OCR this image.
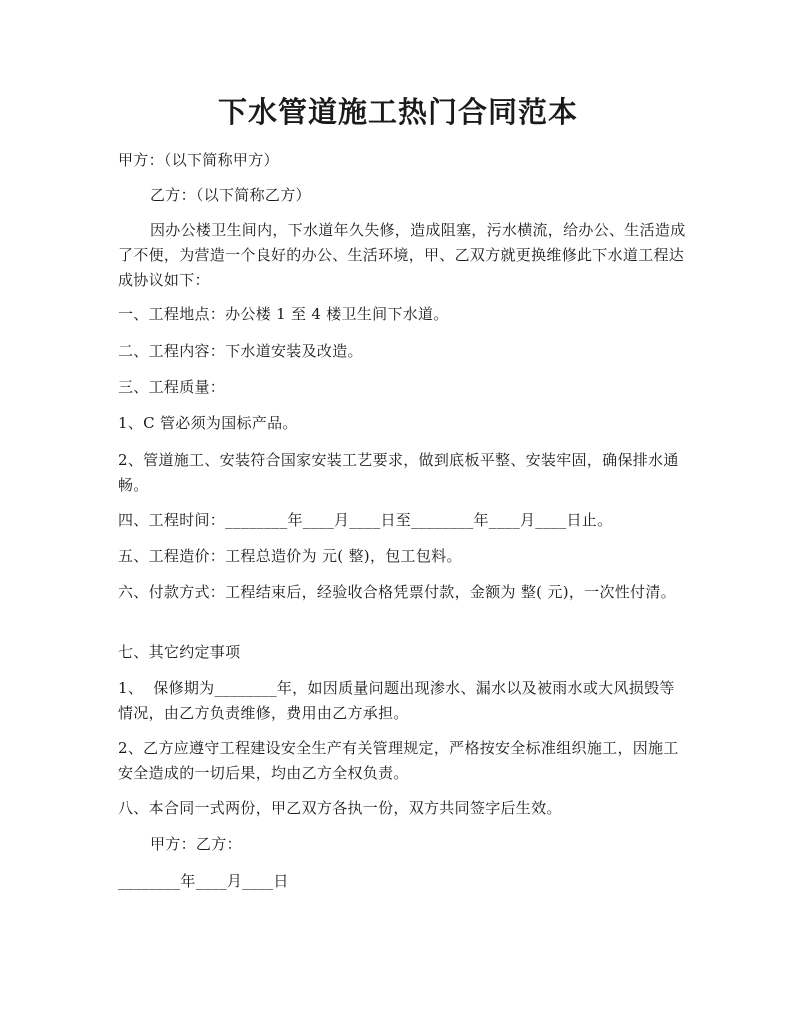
下水管道施工热门合同范本
甲方：（以下简称甲方）
乙方：（以下简称乙方）
因办公楼卫生间内，下水道年久失修，造成阻塞，污水横流，给办公、生活造成了不便，为营造一个良好的办公、生活环境，甲、乙双方就更换维修此下水道工程达成协议如下：
一、工程地点：办公楼 1 至 4 楼卫生间下水道。
二、工程内容：下水道安装及改造。
三、工程质量：
1、C 管必须为国标产品。
2、管道施工、安装符合国家安装工艺要求，做到底板平整、安装牢固，确保排水通畅。
四、工程时间：________年____月____日至________年____月____日止。
五、工程造价：工程总造价为 元( 整)，包工包料。
六、付款方式：工程结束后，经验收合格凭票付款，金额为 整( 元)，一次性付清。
七、其它约定事项
1、  保修期为________年，如因质量问题出现渗水、漏水以及被雨水或大风损毁等情况，由乙方负责维修，费用由乙方承担。
2、乙方应遵守工程建设安全生产有关管理规定，严格按安全标准组织施工，因施工安全造成的一切后果，均由乙方全权负责。
八、本合同一式两份，甲乙双方各执一份，双方共同签字后生效。
甲方：乙方：
________年____月____日
